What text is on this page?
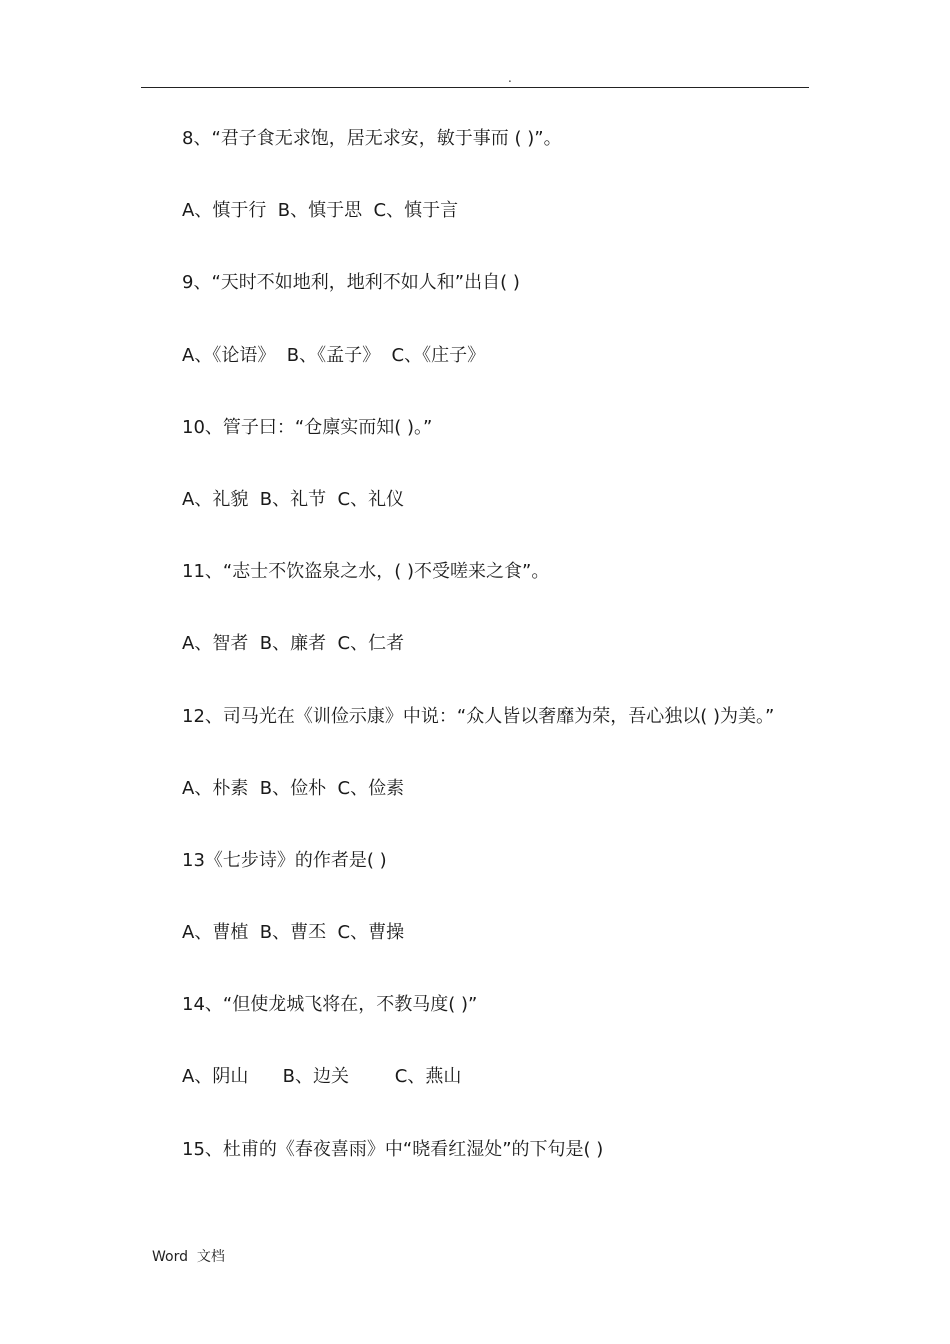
.
8、“君子食无求饱，居无求安，敏于事而 ( )”。
A、慎于行  B、慎于思  C、慎于言
9、“天时不如地利，地利不如人和”出自( )
A、《论语》  B、《孟子》  C、《庄子》
10、管子曰：“仓廪实而知( )。”
A、礼貌  B、礼节  C、礼仪
11、“志士不饮盗泉之水，( )不受嗟来之食”。
A、智者  B、廉者  C、仁者
12、司马光在《训俭示康》中说：“众人皆以奢靡为荣，吾心独以( )为美。”
A、朴素  B、俭朴  C、俭素
13《七步诗》的作者是( )
A、曹植  B、曹丕  C、曹操
14、“但使龙城飞将在，不教马度( )”
A、阴山      B、边关        C、燕山
15、杜甫的《春夜喜雨》中“晓看红湿处”的下句是( )
Word  文档
